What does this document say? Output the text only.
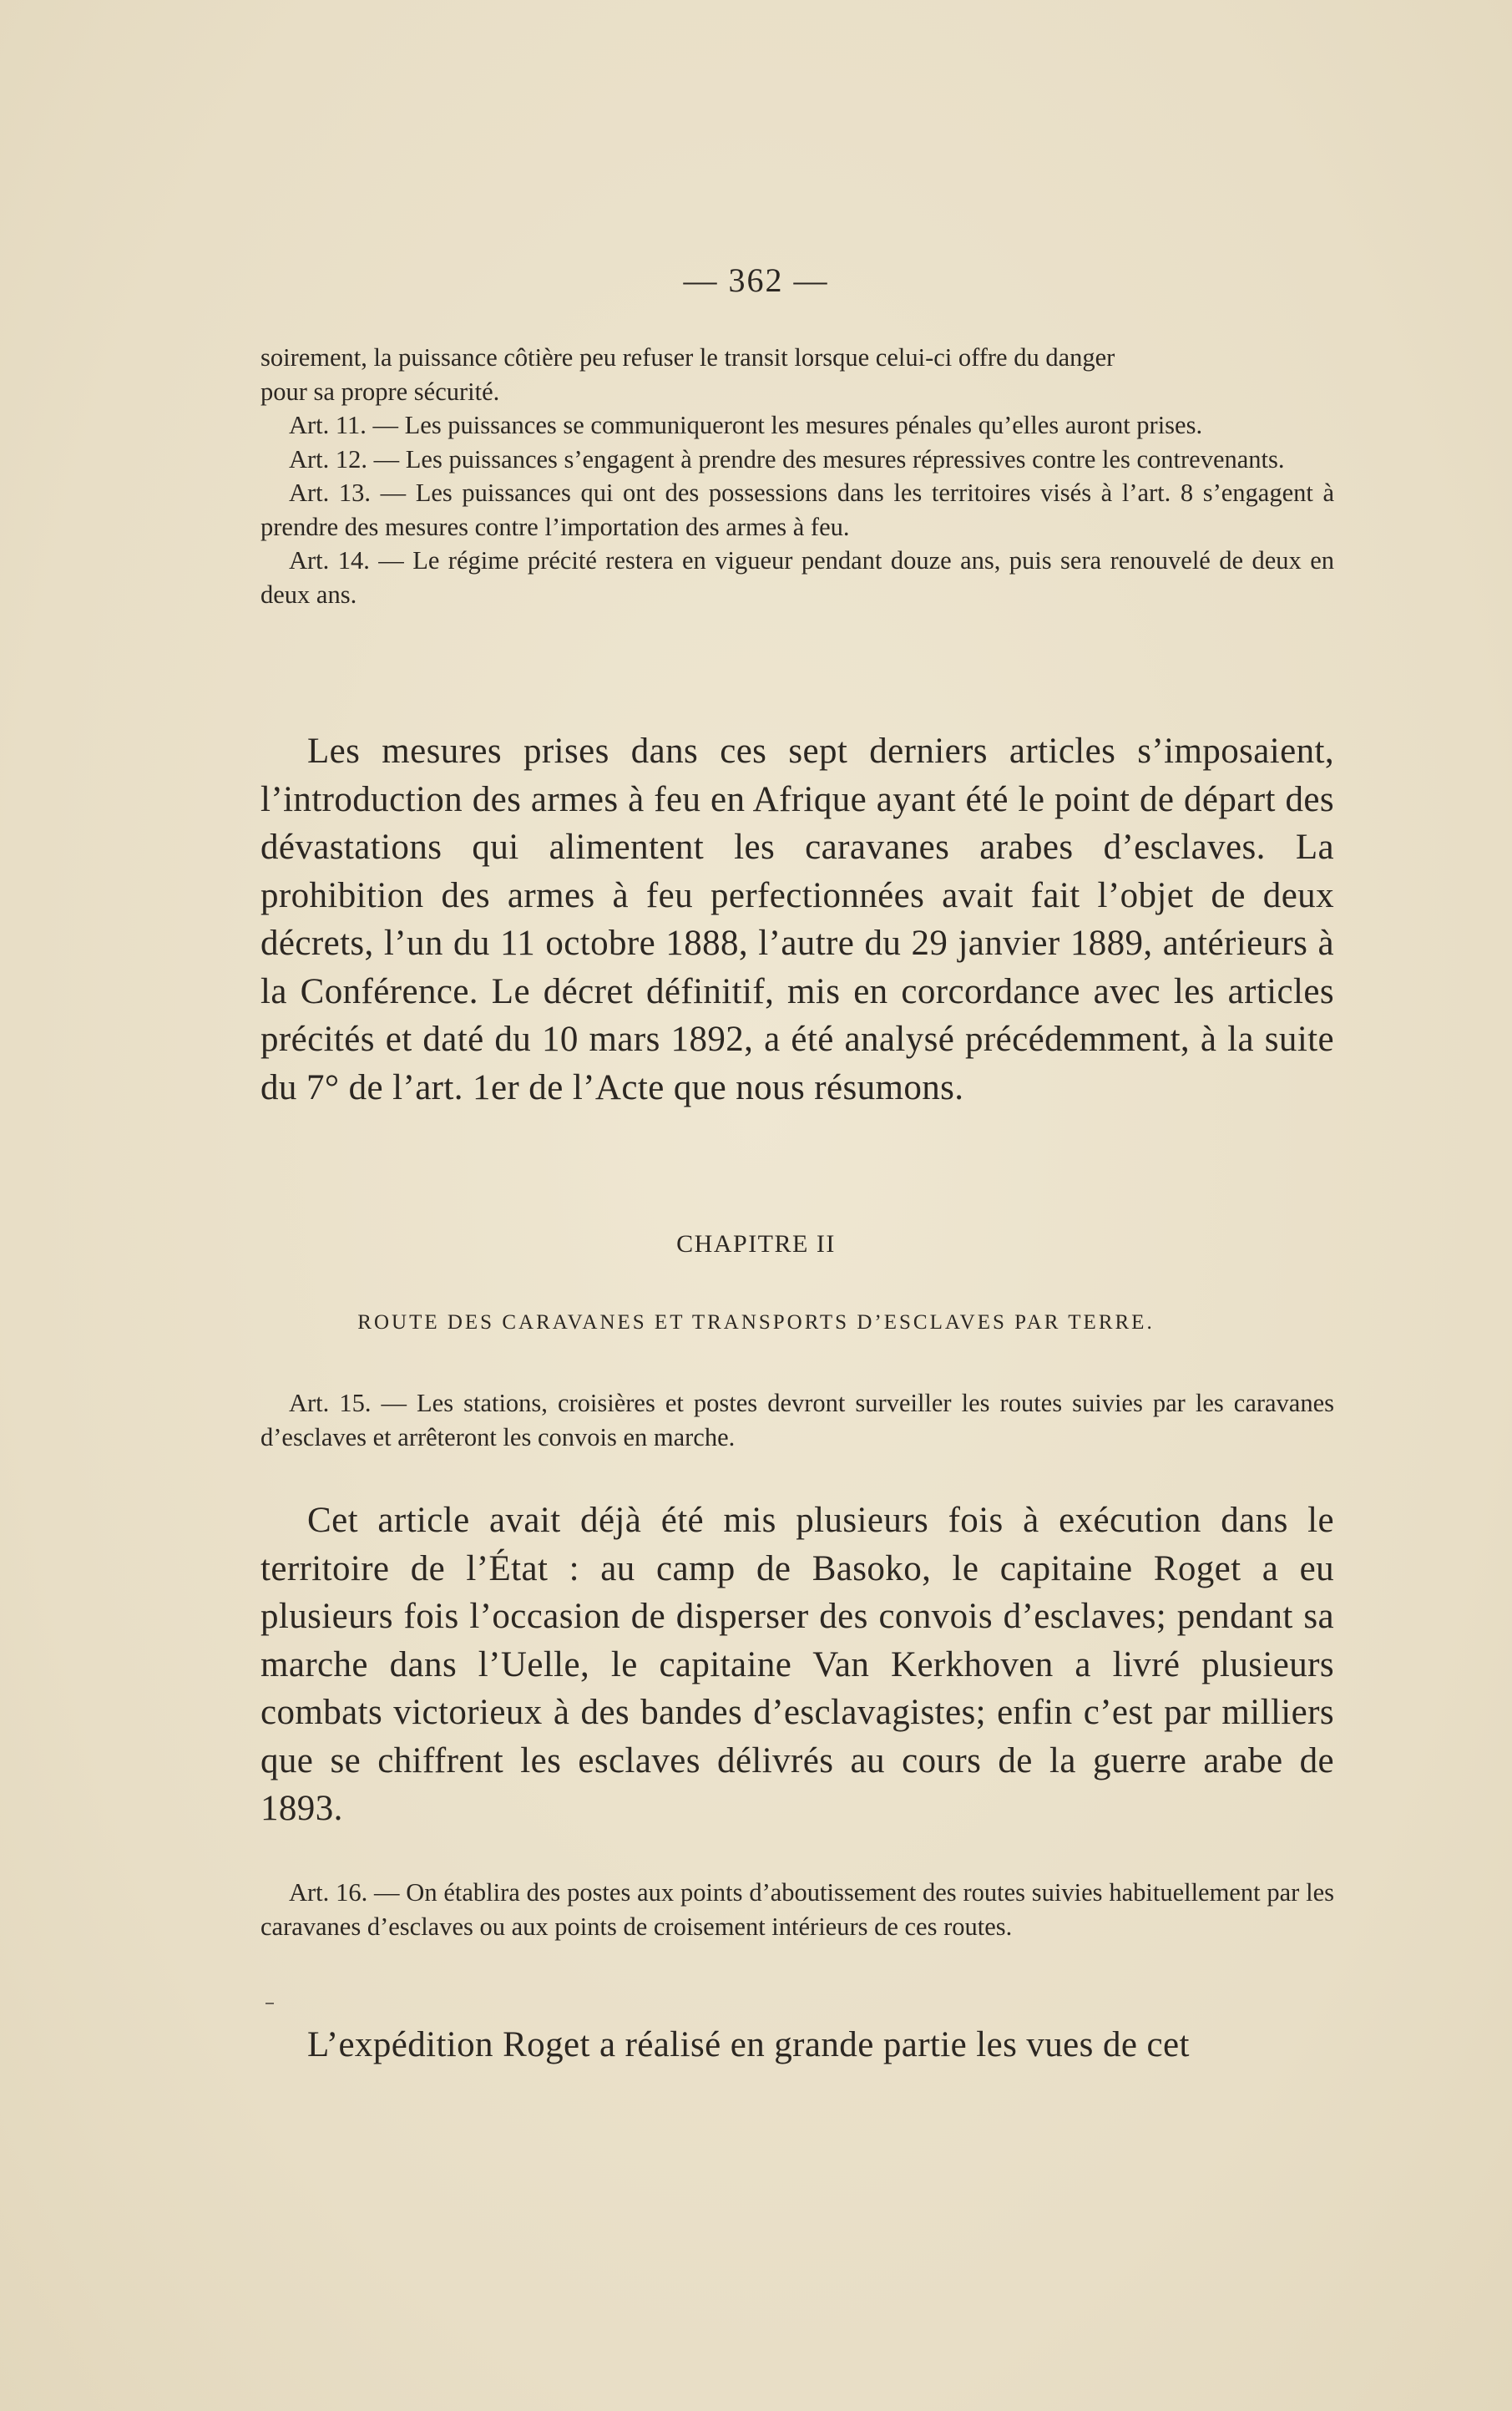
— 362 —

soirement, la puissance côtière peu refuser le transit lorsque celui-ci offre du danger

pour sa propre sécurité.

Art. 11. — Les puissances se communiqueront les mesures pénales qu’elles auront prises.

Art. 12. — Les puissances s’engagent à prendre des mesures répressives contre les contrevenants.

Art. 13. — Les puissances qui ont des possessions dans les territoires visés à l’art. 8 s’engagent à prendre des mesures contre l’importation des armes à feu.

Art. 14. — Le régime précité restera en vigueur pendant douze ans, puis sera renouvelé de deux en deux ans.

Les mesures prises dans ces sept derniers articles s’imposaient, l’introduction des armes à feu en Afrique ayant été le point de départ des dévastations qui alimentent les caravanes arabes d’esclaves. La prohibition des armes à feu perfectionnées avait fait l’objet de deux décrets, l’un du 11 octobre 1888, l’autre du 29 janvier 1889, antérieurs à la Conférence. Le décret définitif, mis en corcordance avec les articles précités et daté du 10 mars 1892, a été analysé précédemment, à la suite du 7° de l’art. 1er de l’Acte que nous résumons.

CHAPITRE II
ROUTE DES CARAVANES ET TRANSPORTS D’ESCLAVES PAR TERRE.

Art. 15. — Les stations, croisières et postes devront surveiller les routes suivies par les caravanes d’esclaves et arrêteront les convois en marche.

Cet article avait déjà été mis plusieurs fois à exécution dans le territoire de l’État : au camp de Basoko, le capitaine Roget a eu plusieurs fois l’occasion de disperser des convois d’esclaves; pendant sa marche dans l’Uelle, le capitaine Van Kerkhoven a livré plusieurs combats victorieux à des bandes d’esclavagistes; enfin c’est par milliers que se chiffrent les esclaves délivrés au cours de la guerre arabe de 1893.

Art. 16. — On établira des postes aux points d’aboutissement des routes suivies habituellement par les caravanes d’esclaves ou aux points de croisement intérieurs de ces routes.

L’expédition Roget a réalisé en grande partie les vues de cet
